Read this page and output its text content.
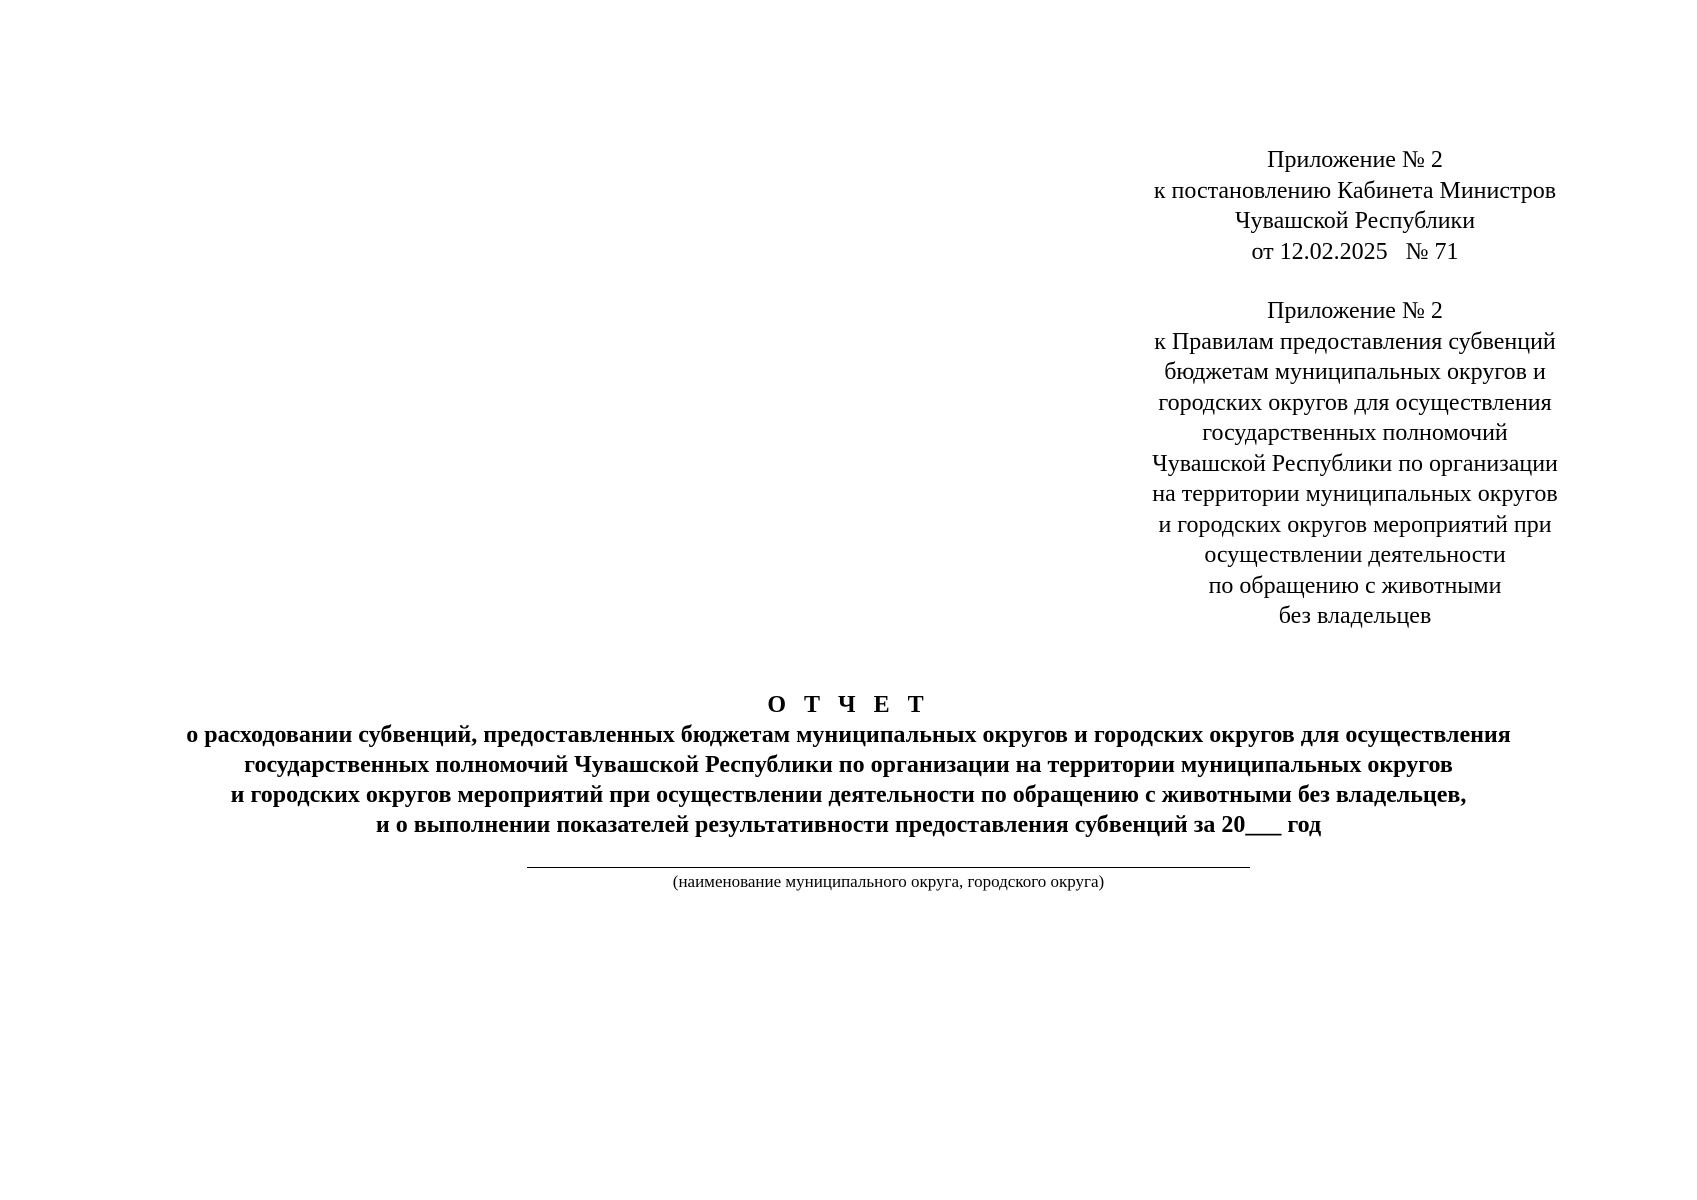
Приложение № 2
к постановлению Кабинета Министров
Чувашской Республики
от 12.02.2025   № 71
Приложение № 2
к Правилам предоставления субвенций
бюджетам муниципальных округов и
городских округов для осуществления
государственных полномочий
Чувашской Республики по организации
на территории муниципальных округов
и городских округов мероприятий при
осуществлении деятельности
по обращению с животными
без владельцев
О Т Ч Е Т
о расходовании субвенций, предоставленных бюджетам муниципальных округов и городских округов для осуществления
государственных полномочий Чувашской Республики по организации на территории муниципальных округов
и городских округов мероприятий при осуществлении деятельности по обращению с животными без владельцев,
и о выполнении показателей результативности предоставления субвенций за 20___ год
(наименование муниципального округа, городского округа)
